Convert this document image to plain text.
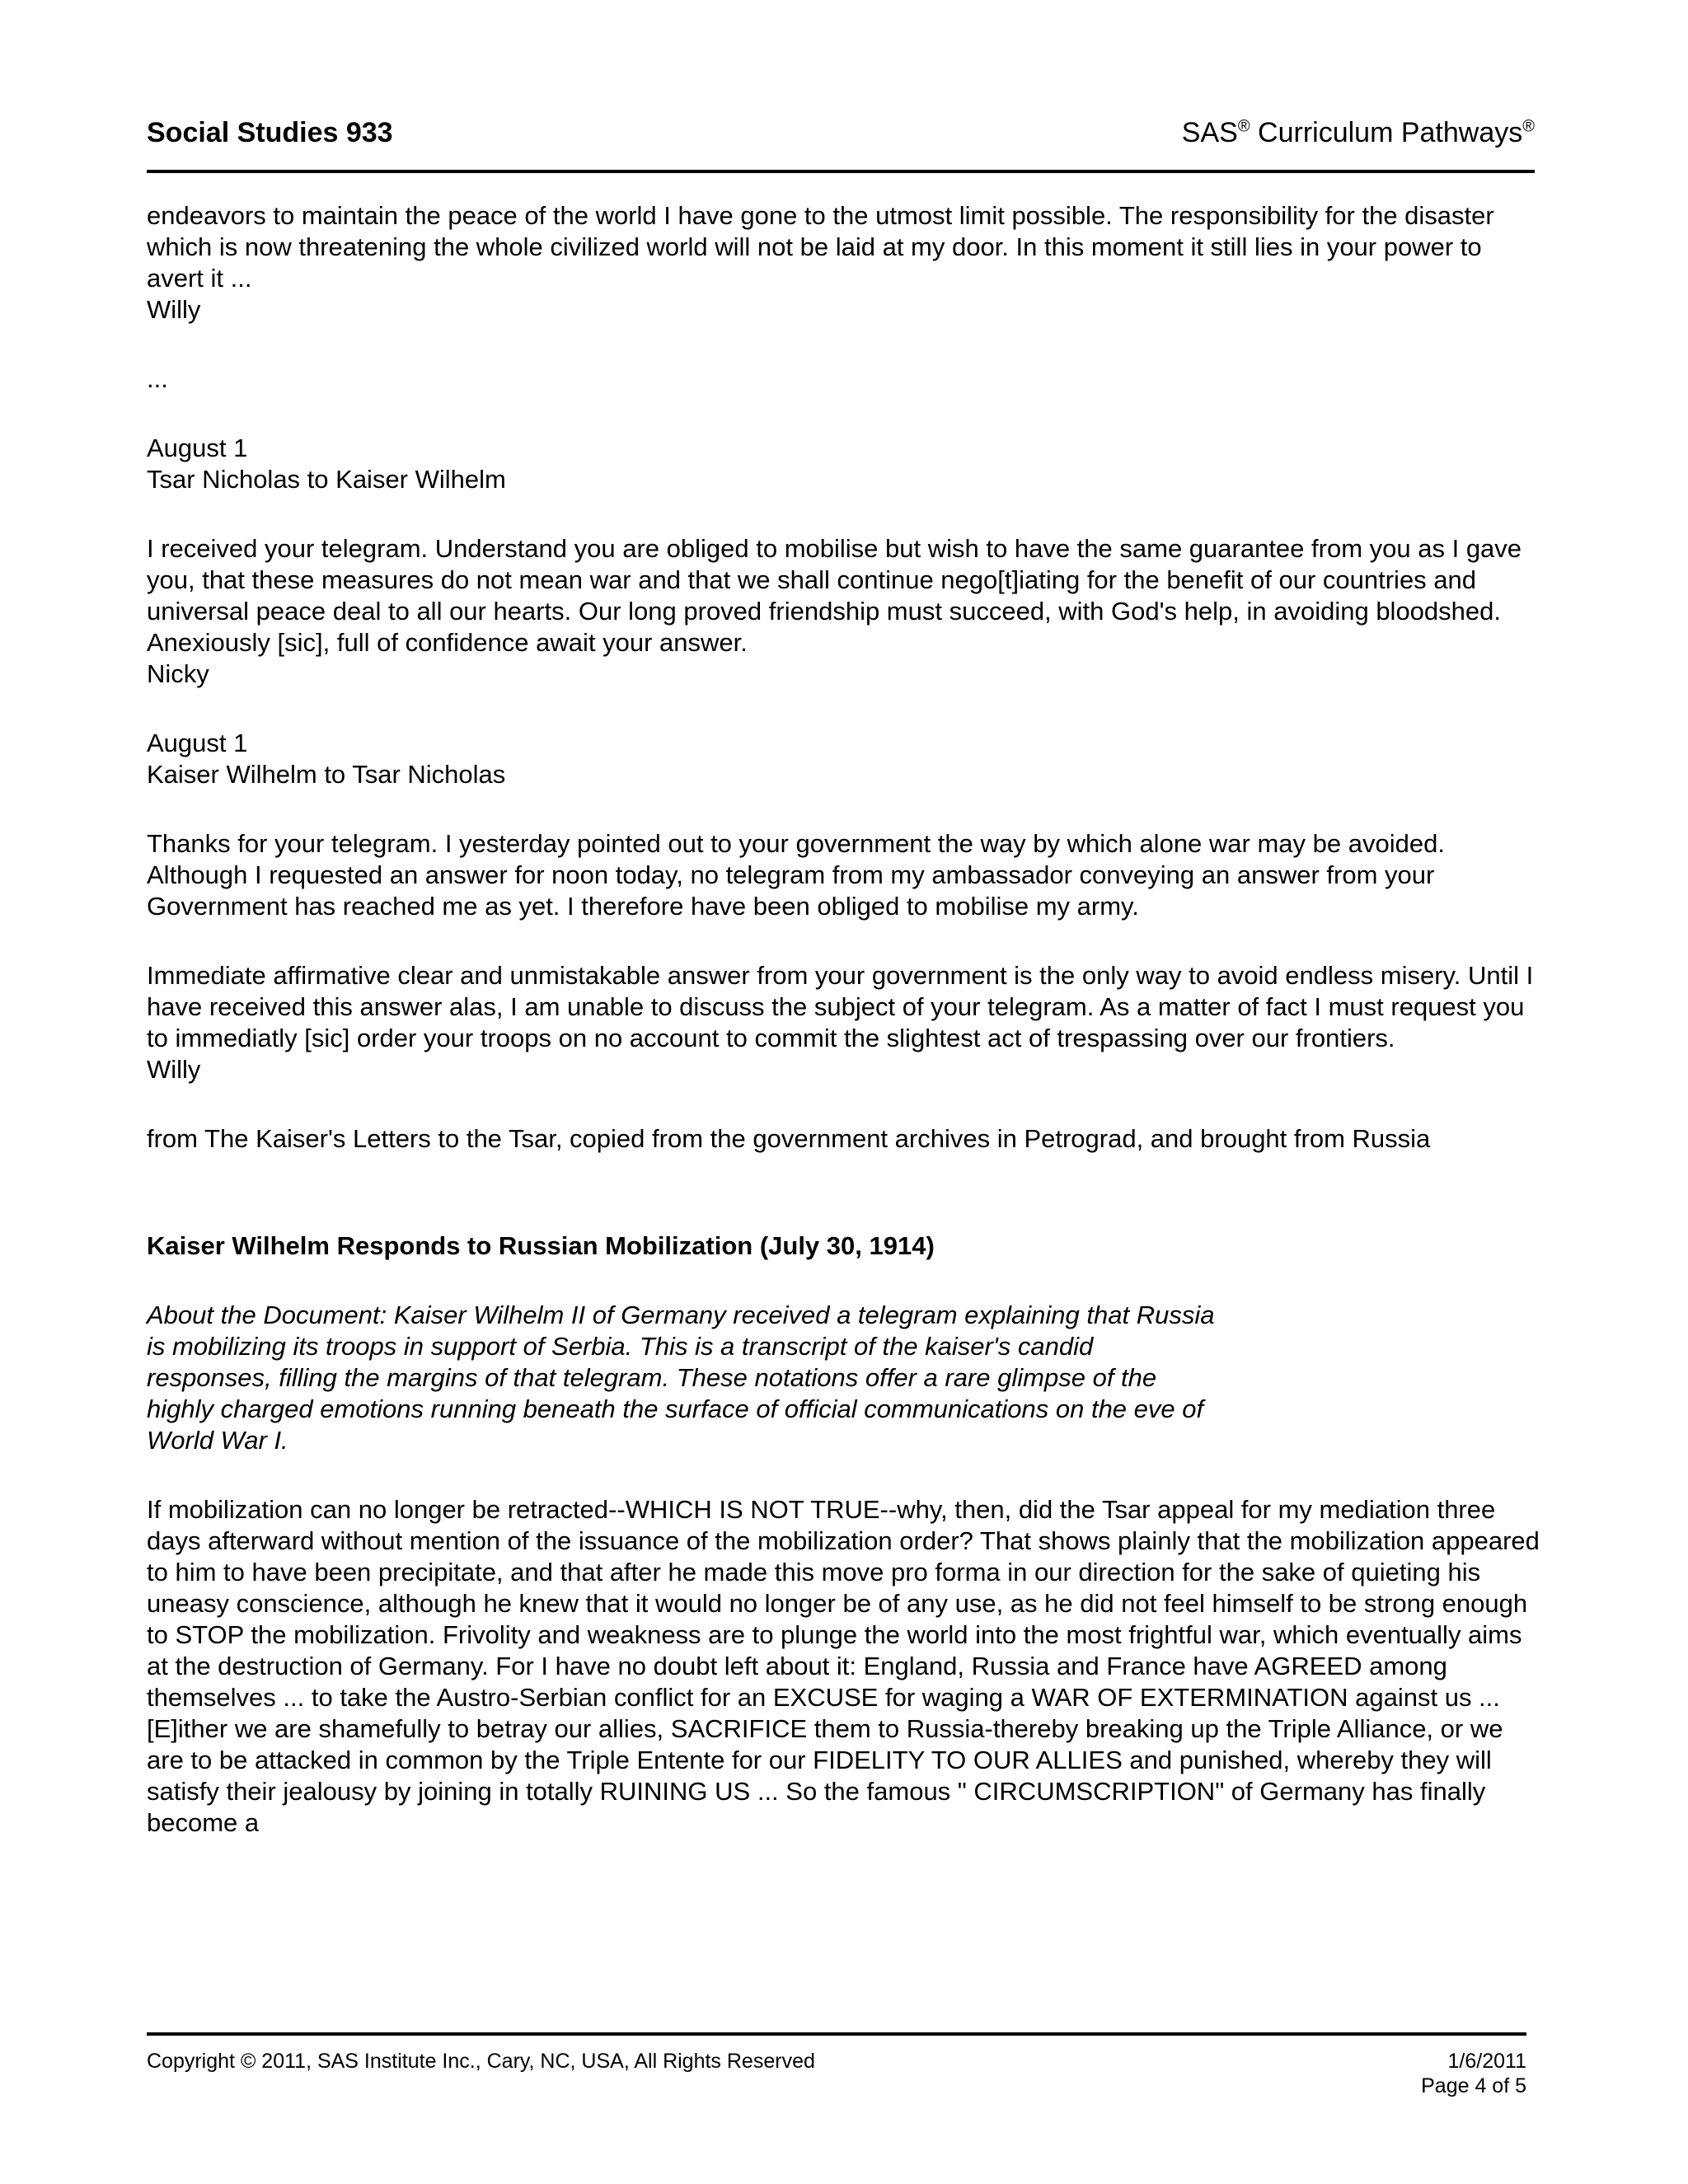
Social Studies 933	SAS® Curriculum Pathways®

endeavors to maintain the peace of the world I have gone to the utmost limit possible. The responsibility for the disaster which is now threatening the whole civilized world will not be laid at my door. In this moment it still lies in your power to avert it ...

Willy

...

August 1

Tsar Nicholas to Kaiser Wilhelm

I received your telegram. Understand you are obliged to mobilise but wish to have the same guarantee from you as I gave you, that these measures do not mean war and that we shall continue nego[t]iating for the benefit of our countries and universal peace deal to all our hearts. Our long proved friendship must succeed, with God's help, in avoiding bloodshed. Anexiously [sic], full of confidence await your answer.

Nicky

August 1

Kaiser Wilhelm to Tsar Nicholas

Thanks for your telegram. I yesterday pointed out to your government the way by which alone war may be avoided. Although I requested an answer for noon today, no telegram from my ambassador conveying an answer from your Government has reached me as yet. I therefore have been obliged to mobilise my army.

Immediate affirmative clear and unmistakable answer from your government is the only way to avoid endless misery. Until I have received this answer alas, I am unable to discuss the subject of your telegram. As a matter of fact I must request you to immediatly [sic] order your troops on no account to commit the slightest act of trespassing over our frontiers.

Willy

from The Kaiser's Letters to the Tsar, copied from the government archives in Petrograd, and brought from Russia

Kaiser Wilhelm Responds to Russian Mobilization (July 30, 1914)

About the Document: Kaiser Wilhelm II of Germany received a telegram explaining that Russia is mobilizing its troops in support of Serbia. This is a transcript of the kaiser's candid responses, filling the margins of that telegram. These notations offer a rare glimpse of the highly charged emotions running beneath the surface of official communications on the eve of World War I.

If mobilization can no longer be retracted--WHICH IS NOT TRUE--why, then, did the Tsar appeal for my mediation three days afterward without mention of the issuance of the mobilization order? That shows plainly that the mobilization appeared to him to have been precipitate, and that after he made this move pro forma in our direction for the sake of quieting his uneasy conscience, although he knew that it would no longer be of any use, as he did not feel himself to be strong enough to STOP the mobilization. Frivolity and weakness are to plunge the world into the most frightful war, which eventually aims at the destruction of Germany. For I have no doubt left about it: England, Russia and France have AGREED among themselves ... to take the Austro-Serbian conflict for an EXCUSE for waging a WAR OF EXTERMINATION against us ... [E]ither we are shamefully to betray our allies, SACRIFICE them to Russia-thereby breaking up the Triple Alliance, or we are to be attacked in common by the Triple Entente for our FIDELITY TO OUR ALLIES and punished, whereby they will satisfy their jealousy by joining in totally RUINING US ... So the famous " CIRCUMSCRIPTION" of Germany has finally become a

Copyright © 2011, SAS Institute Inc., Cary, NC, USA, All Rights Reserved	1/6/2011
Page 4 of 5
